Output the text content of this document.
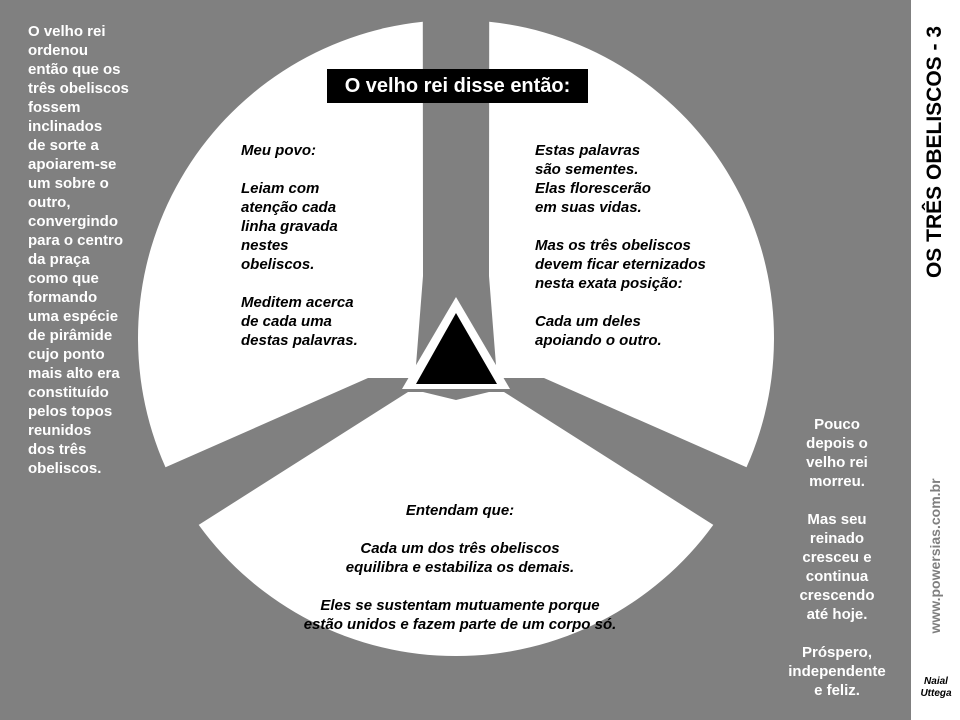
OS TRÊS OBELISCOS - 3
www.powersias.com.br
Naial
Uttega

O velho rei
ordenou
então que os
três obeliscos
fossem
inclinados
de sorte a
apoiarem-se
um sobre o
outro,
convergindo
para o centro
da praça
como que
formando
uma espécie
de pirâmide
cujo ponto
mais alto era
constituído
pelos topos
reunidos
dos três
obeliscos.

Pouco
depois o
velho rei
morreu.

Mas seu
reinado
cresceu e
continua
crescendo
até hoje.

Próspero,
independente
e feliz.

O velho rei disse então:

Meu povo:

Leiam com
atenção cada
linha gravada
nestes
obeliscos.

Meditem acerca
de cada uma
destas palavras.

Estas palavras
são sementes.
Elas florescerão
em suas vidas.

Mas os três obeliscos
devem ficar eternizados
nesta exata posição:

Cada um deles
apoiando o outro.

Entendam que:

Cada um dos três obeliscos
equilibra e estabiliza os demais.

Eles se sustentam mutuamente porque
estão unidos e fazem parte de um corpo só.
